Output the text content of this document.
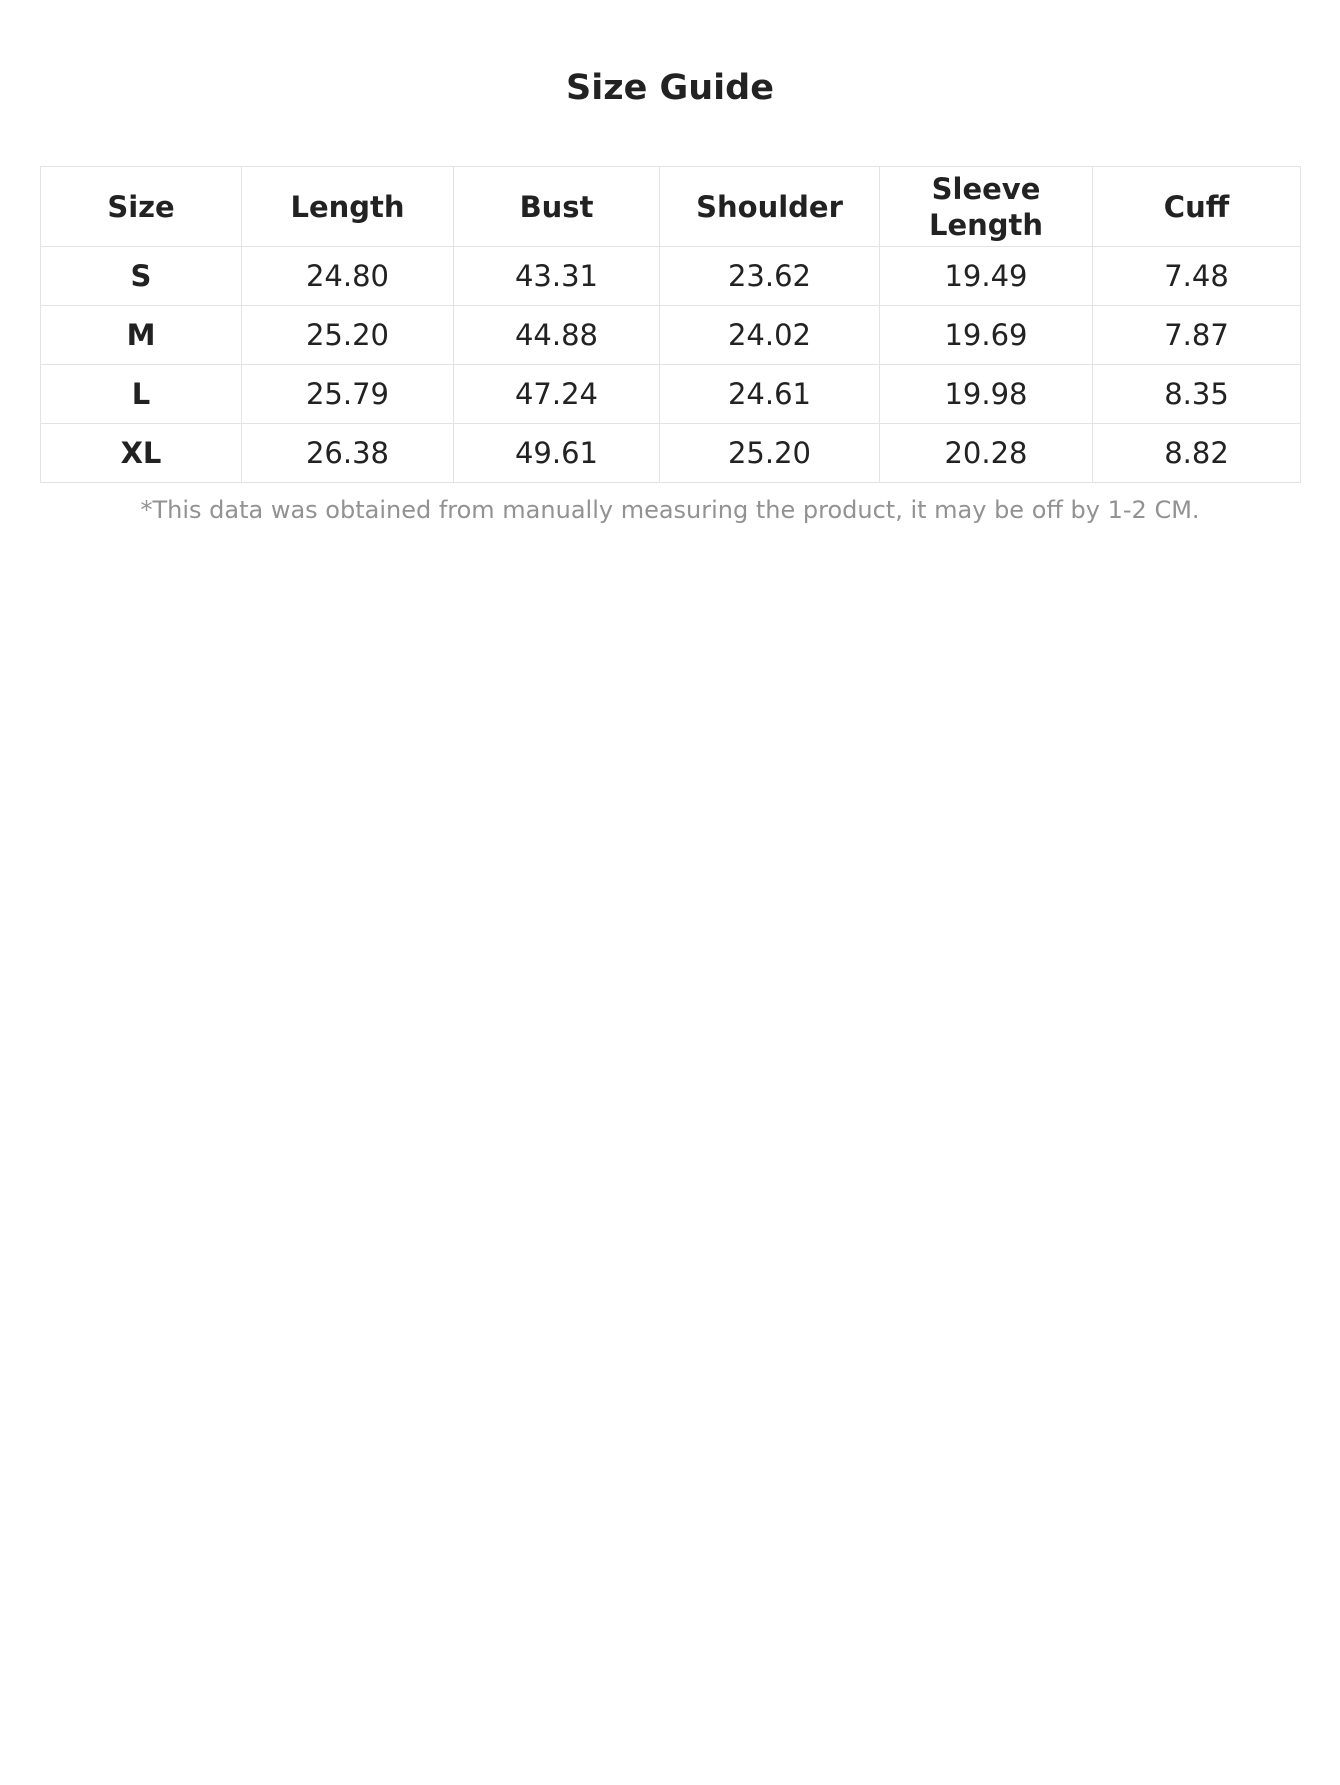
Size Guide
Size	Length	Bust	Shoulder	Sleeve Length	Cuff
S	24.80	43.31	23.62	19.49	7.48
M	25.20	44.88	24.02	19.69	7.87
L	25.79	47.24	24.61	19.98	8.35
XL	26.38	49.61	25.20	20.28	8.82
*This data was obtained from manually measuring the product, it may be off by 1-2 CM.
